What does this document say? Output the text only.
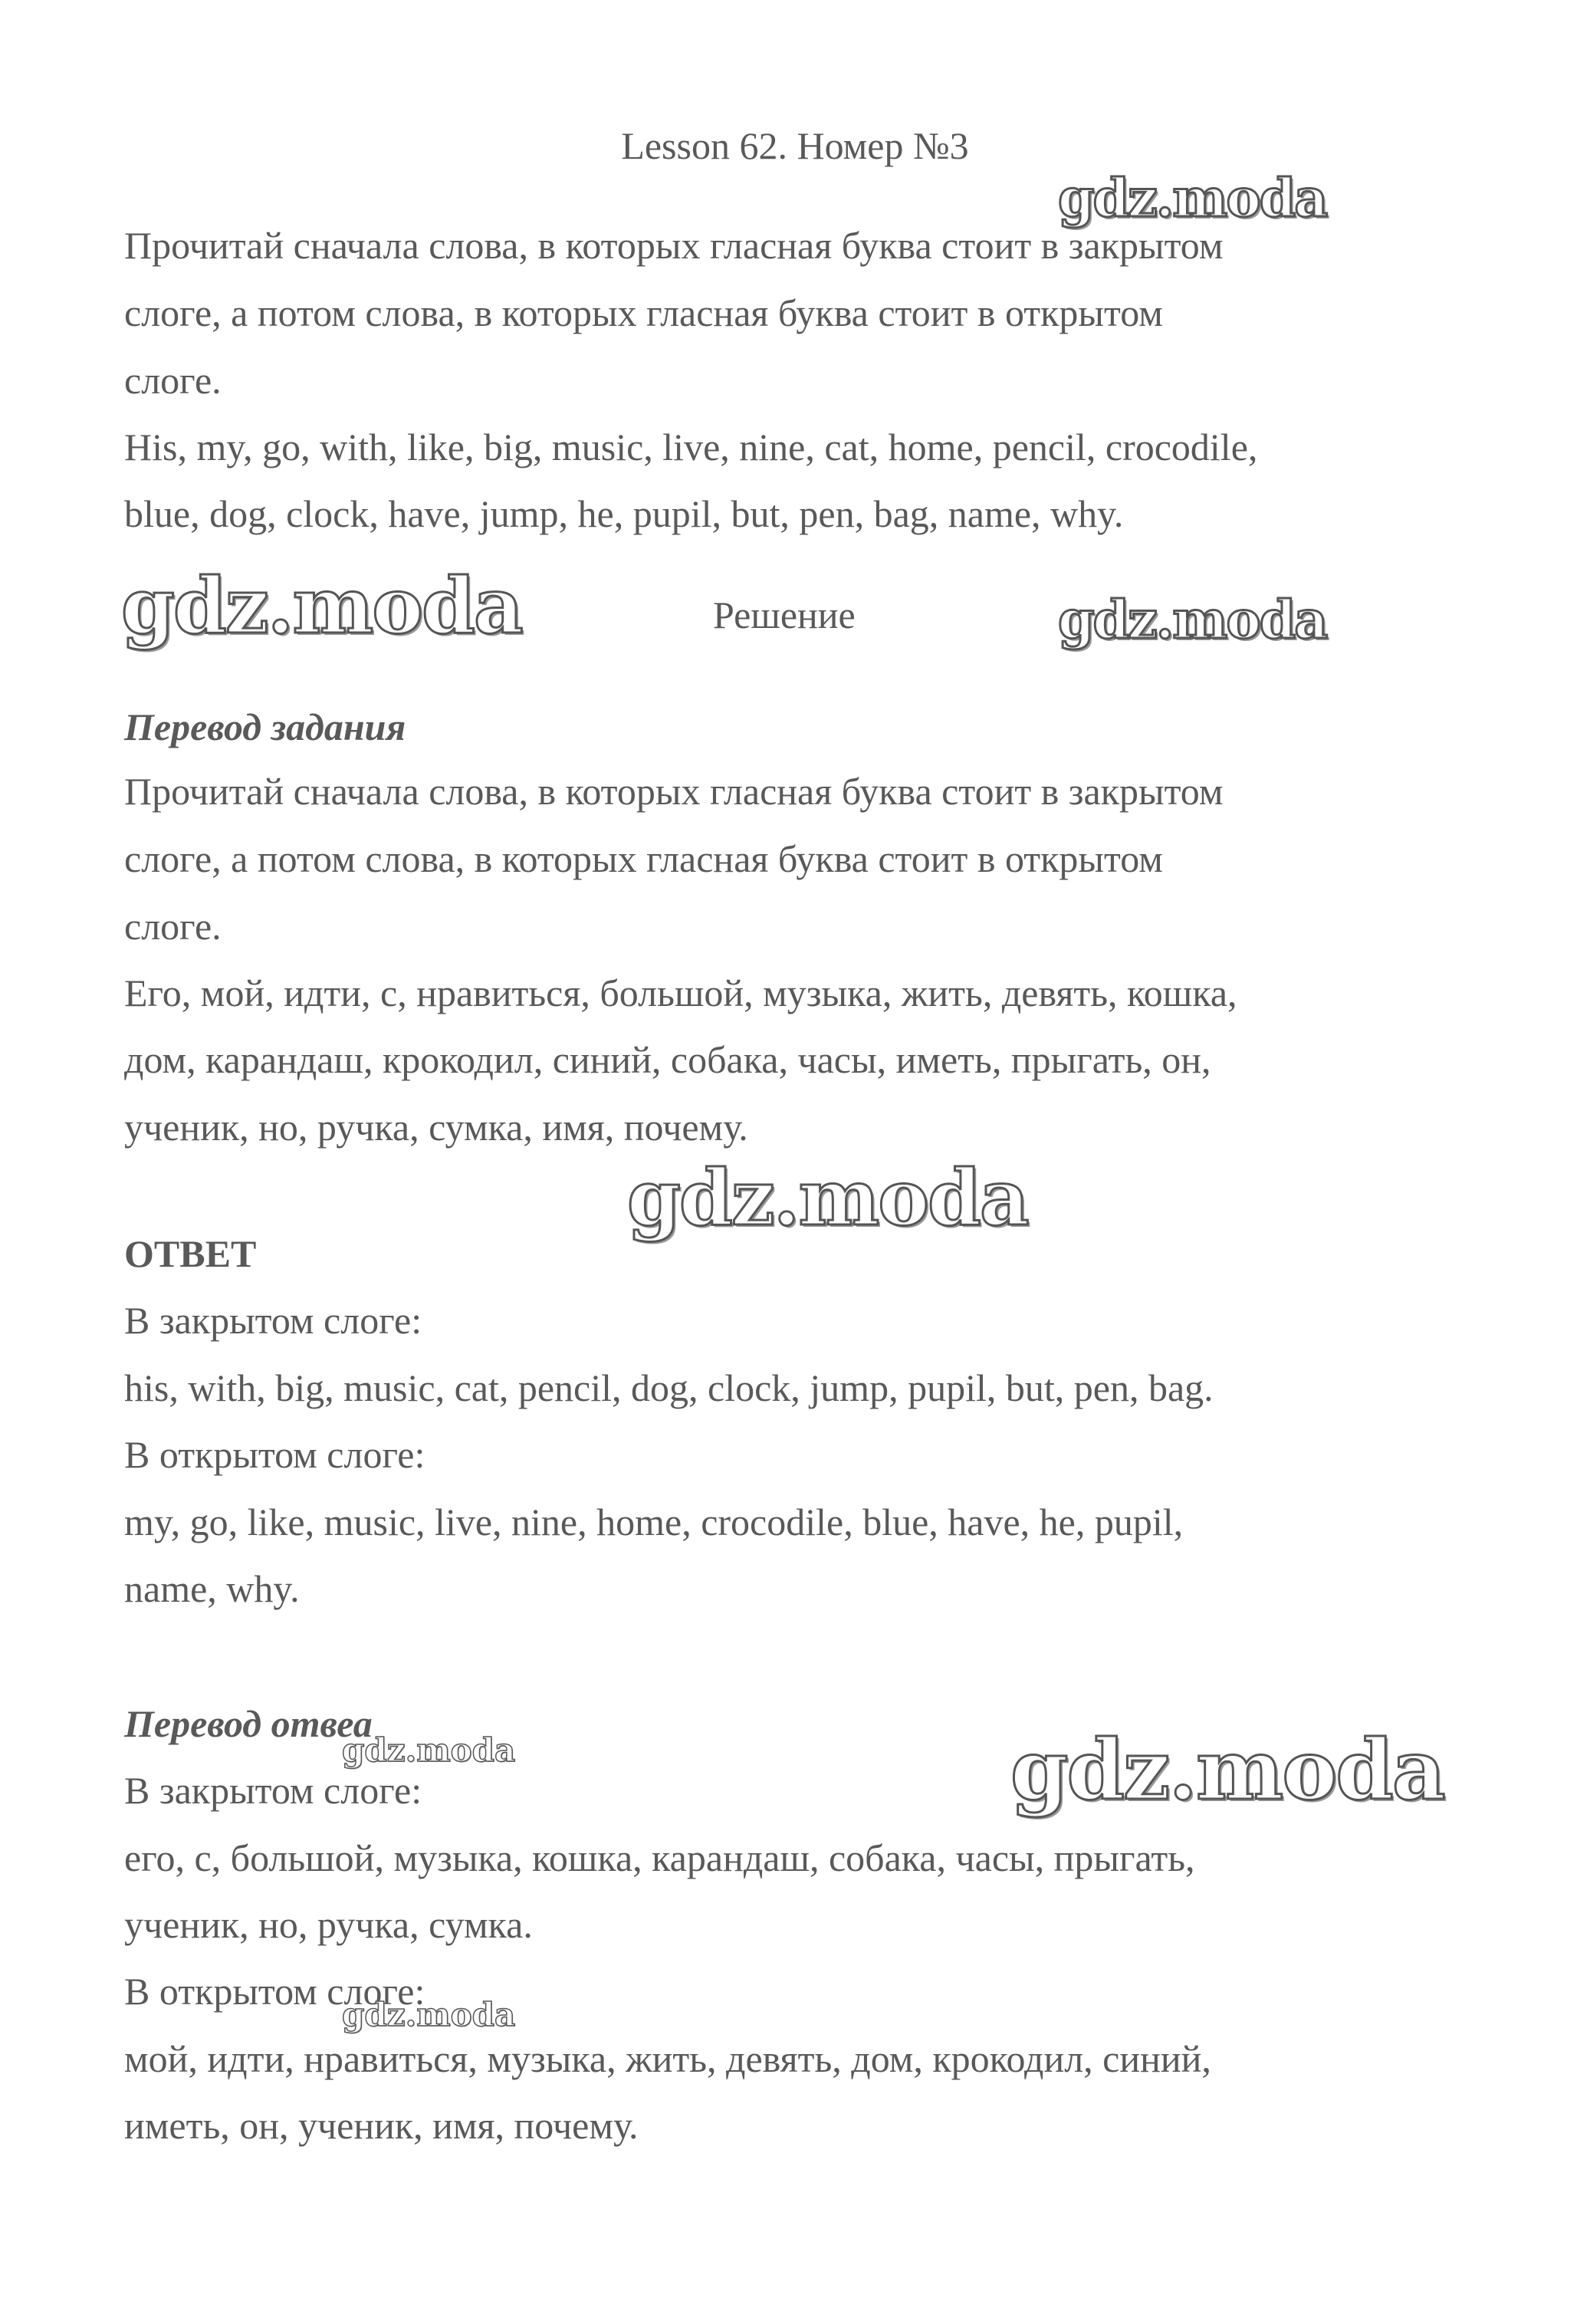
Lesson 62. Номер №3
Прочитай сначала слова, в которых гласная буква стоит в закрытом
слоге, а потом слова, в которых гласная буква стоит в открытом
слоге.
His, my, go, with, like, big, music, live, nine, cat, home, pencil, crocodile,
blue, dog, clock, have, jump, he, pupil, but, pen, bag, name, why.
Решение
Перевод задания
Прочитай сначала слова, в которых гласная буква стоит в закрытом
слоге, а потом слова, в которых гласная буква стоит в открытом
слоге.
Его, мой, идти, с, нравиться, большой, музыка, жить, девять, кошка,
дом, карандаш, крокодил, синий, собака, часы, иметь, прыгать, он,
ученик, но, ручка, сумка, имя, почему.
ОТВЕТ
В закрытом слоге:
his, with, big, music, cat, pencil, dog, clock, jump, pupil, but, pen, bag.
В открытом слоге:
my, go, like, music, live, nine, home, crocodile, blue, have, he, pupil,
name, why.
Перевод отвеа
В закрытом слоге:
его, с, большой, музыка, кошка, карандаш, собака, часы, прыгать,
ученик, но, ручка, сумка.
В открытом слоге:
мой, идти, нравиться, музыка, жить, девять, дом, крокодил, синий,
иметь, он, ученик, имя, почему.
gdz.moda
gdz.moda	gdz.moda
gdz.moda
gdz.moda	gdz.moda
gdz.moda
